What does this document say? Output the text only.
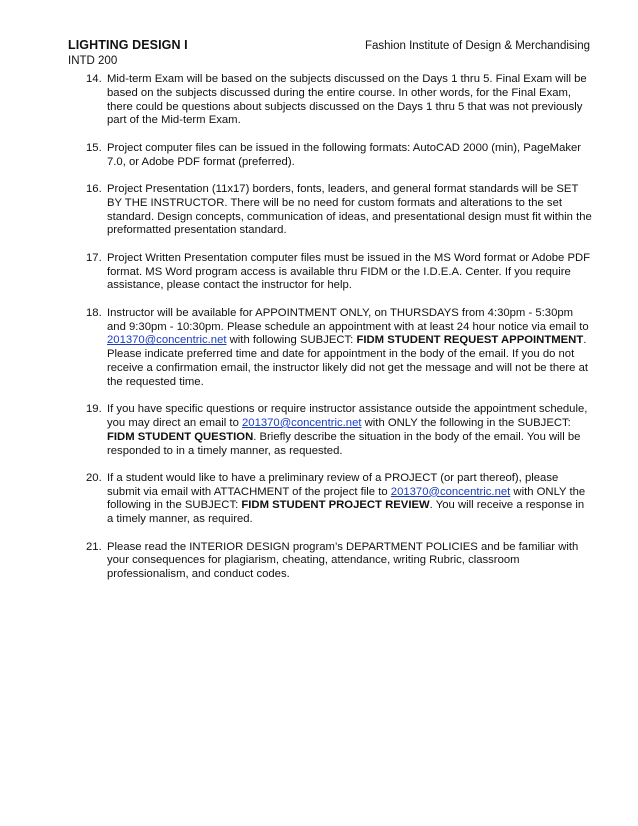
LIGHTING DESIGN I	Fashion Institute of Design & Merchandising
INTD 200
14. Mid-term Exam will be based on the subjects discussed on the Days 1 thru 5. Final Exam will be based on the subjects discussed during the entire course. In other words, for the Final Exam, there could be questions about subjects discussed on the Days 1 thru 5 that was not previously part of the Mid-term Exam.
15. Project computer files can be issued in the following formats: AutoCAD 2000 (min), PageMaker 7.0, or Adobe PDF format (preferred).
16. Project Presentation (11x17) borders, fonts, leaders, and general format standards will be SET BY THE INSTRUCTOR. There will be no need for custom formats and alterations to the set standard. Design concepts, communication of ideas, and presentational design must fit within the preformatted presentation standard.
17. Project Written Presentation computer files must be issued in the MS Word format or Adobe PDF format. MS Word program access is available thru FIDM or the I.D.E.A. Center. If you require assistance, please contact the instructor for help.
18. Instructor will be available for APPOINTMENT ONLY, on THURSDAYS from 4:30pm - 5:30pm and 9:30pm - 10:30pm. Please schedule an appointment with at least 24 hour notice via email to 201370@concentric.net with following SUBJECT: FIDM STUDENT REQUEST APPOINTMENT. Please indicate preferred time and date for appointment in the body of the email. If you do not receive a confirmation email, the instructor likely did not get the message and will not be there at the requested time.
19. If you have specific questions or require instructor assistance outside the appointment schedule, you may direct an email to 201370@concentric.net with ONLY the following in the SUBJECT: FIDM STUDENT QUESTION. Briefly describe the situation in the body of the email. You will be responded to in a timely manner, as requested.
20. If a student would like to have a preliminary review of a PROJECT (or part thereof), please submit via email with ATTACHMENT of the project file to 201370@concentric.net with ONLY the following in the SUBJECT: FIDM STUDENT PROJECT REVIEW. You will receive a response in a timely manner, as required.
21. Please read the INTERIOR DESIGN program’s DEPARTMENT POLICIES and be familiar with your consequences for plagiarism, cheating, attendance, writing Rubric, classroom professionalism, and conduct codes.
